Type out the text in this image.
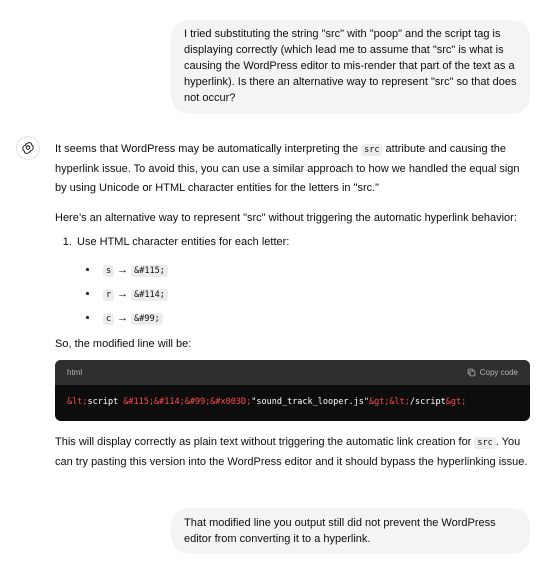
I tried substituting the string "src" with "poop" and the script tag is displaying correctly (which lead me to assume that "src" is what is causing the WordPress editor to mis-render that part of the text as a hyperlink). Is there an alternative way to represent "src" so that does not occur?

It seems that WordPress may be automatically interpreting the src attribute and causing the hyperlink issue. To avoid this, you can use a similar approach to how we handled the equal sign by using Unicode or HTML character entities for the letters in "src."

Here’s an alternative way to represent "src" without triggering the automatic hyperlink behavior:

1. Use HTML character entities for each letter:
• s → &#115;
• r → &#114;
• c → &#99;

So, the modified line will be:

html	Copy code
&lt;script &#115;&#114;&#99;&#x003D;"sound_track_looper.js"&gt;&lt;/script&gt;

This will display correctly as plain text without triggering the automatic link creation for src . You can try pasting this version into the WordPress editor and it should bypass the hyperlinking issue.

That modified line you output still did not prevent the WordPress editor from converting it to a hyperlink.
